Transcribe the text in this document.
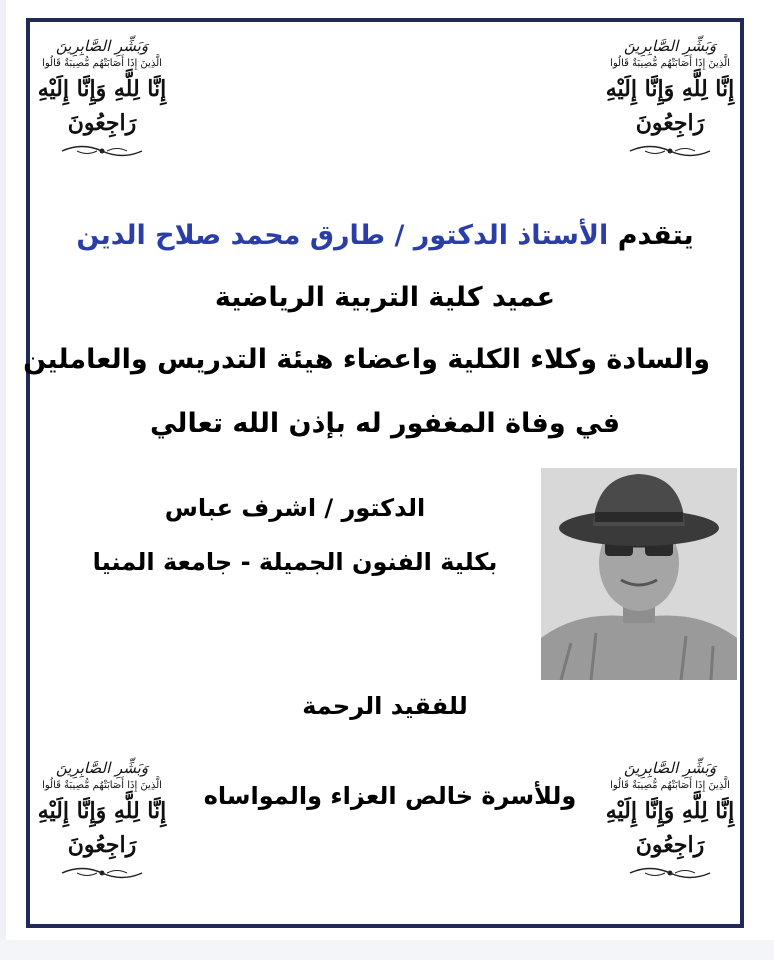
وَبَشِّرِ الصَّابِرِينَ
الَّذِينَ إِذَا أَصَابَتْهُم مُّصِيبَةٌ قَالُوا
إِنَّا لِلَّهِ وَإِنَّا إِلَيْهِ رَاجِعُونَ
وَبَشِّرِ الصَّابِرِينَ
الَّذِينَ إِذَا أَصَابَتْهُم مُّصِيبَةٌ قَالُوا
إِنَّا لِلَّهِ وَإِنَّا إِلَيْهِ رَاجِعُونَ
وَبَشِّرِ الصَّابِرِينَ
الَّذِينَ إِذَا أَصَابَتْهُم مُّصِيبَةٌ قَالُوا
إِنَّا لِلَّهِ وَإِنَّا إِلَيْهِ رَاجِعُونَ
وَبَشِّرِ الصَّابِرِينَ
الَّذِينَ إِذَا أَصَابَتْهُم مُّصِيبَةٌ قَالُوا
إِنَّا لِلَّهِ وَإِنَّا إِلَيْهِ رَاجِعُونَ
يتقدم الأستاذ الدكتور / طارق محمد صلاح الدين
عميد كلية التربية الرياضية
والسادة وكلاء الكلية واعضاء هيئة التدريس والعاملين
في وفاة المغفور له بإذن الله تعالي
الدكتور / اشرف عباس
بكلية الفنون الجميلة - جامعة المنيا
للفقيد الرحمة
وللأسرة خالص العزاء والمواساه
